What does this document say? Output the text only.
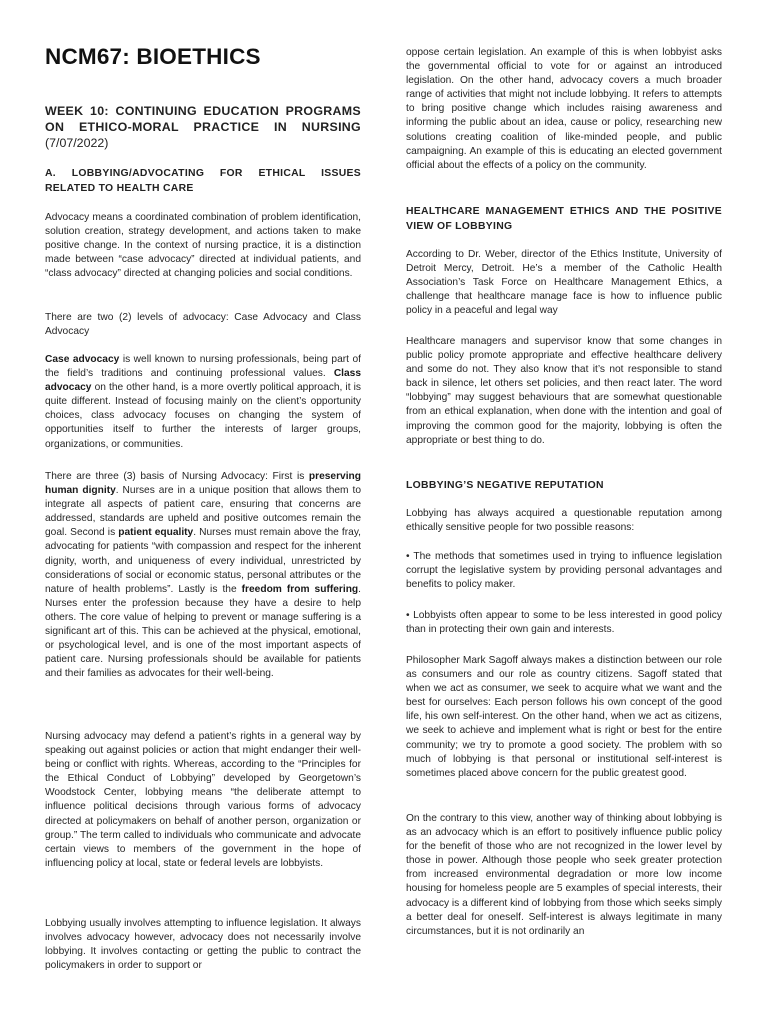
NCM67: BIOETHICS

WEEK 10: CONTINUING EDUCATION PROGRAMS ON ETHICO-MORAL PRACTICE IN NURSING (7/07/2022)

A. LOBBYING/ADVOCATING FOR ETHICAL ISSUES RELATED TO HEALTH CARE

Advocacy means a coordinated combination of problem identification, solution creation, strategy development, and actions taken to make positive change. In the context of nursing practice, it is a distinction made between “case advocacy” directed at individual patients, and “class advocacy” directed at changing policies and social conditions.

There are two (2) levels of advocacy: Case Advocacy and Class Advocacy

Case advocacy is well known to nursing professionals, being part of the field’s traditions and continuing professional values. Class advocacy on the other hand, is a more overtly political approach, it is quite different. Instead of focusing mainly on the client’s opportunity choices, class advocacy focuses on changing the system of opportunities itself to further the interests of larger groups, organizations, or communities.

There are three (3) basis of Nursing Advocacy: First is preserving human dignity. Nurses are in a unique position that allows them to integrate all aspects of patient care, ensuring that concerns are addressed, standards are upheld and positive outcomes remain the goal. Second is patient equality. Nurses must remain above the fray, advocating for patients “with compassion and respect for the inherent dignity, worth, and uniqueness of every individual, unrestricted by considerations of social or economic status, personal attributes or the nature of health problems”. Lastly is the freedom from suffering. Nurses enter the profession because they have a desire to help others. The core value of helping to prevent or manage suffering is a significant art of this. This can be achieved at the physical, emotional, or psychological level, and is one of the most important aspects of patient care. Nursing professionals should be available for patients and their families as advocates for their well-being.

Nursing advocacy may defend a patient’s rights in a general way by speaking out against policies or action that might endanger their well-being or conflict with rights. Whereas, according to the “Principles for the Ethical Conduct of Lobbying” developed by Georgetown’s Woodstock Center, lobbying means “the deliberate attempt to influence political decisions through various forms of advocacy directed at policymakers on behalf of another person, organization or group.” The term called to individuals who communicate and advocate certain views to members of the government in the hope of influencing policy at local, state or federal levels are lobbyists.

Lobbying usually involves attempting to influence legislation. It always involves advocacy however, advocacy does not necessarily involve lobbying. It involves contacting or getting the public to contract the policymakers in order to support or

oppose certain legislation. An example of this is when lobbyist asks the governmental official to vote for or against an introduced legislation. On the other hand, advocacy covers a much broader range of activities that might not include lobbying. It refers to attempts to bring positive change which includes raising awareness and informing the public about an idea, cause or policy, researching new solutions creating coalition of like-minded people, and public campaigning. An example of this is educating an elected government official about the effects of a policy on the community.

HEALTHCARE MANAGEMENT ETHICS AND THE POSITIVE VIEW OF LOBBYING

According to Dr. Weber, director of the Ethics Institute, University of Detroit Mercy, Detroit. He’s a member of the Catholic Health Association’s Task Force on Healthcare Management Ethics, a challenge that healthcare manage face is how to influence public policy in a peaceful and legal way

Healthcare managers and supervisor know that some changes in public policy promote appropriate and effective healthcare delivery and some do not. They also know that it’s not responsible to stand back in silence, let others set policies, and then react later. The word “lobbying” may suggest behaviours that are somewhat questionable from an ethical explanation, when done with the intention and goal of improving the common good for the majority, lobbying is often the appropriate or best thing to do.

LOBBYING’S NEGATIVE REPUTATION

Lobbying has always acquired a questionable reputation among ethically sensitive people for two possible reasons:

• The methods that sometimes used in trying to influence legislation corrupt the legislative system by providing personal advantages and benefits to policy maker.

• Lobbyists often appear to some to be less interested in good policy than in protecting their own gain and interests.

Philosopher Mark Sagoff always makes a distinction between our role as consumers and our role as country citizens. Sagoff stated that when we act as consumer, we seek to acquire what we want and the best for ourselves: Each person follows his own concept of the good life, his own self-interest. On the other hand, when we act as citizens, we seek to achieve and implement what is right or best for the entire community; we try to promote a good society. The problem with so much of lobbying is that personal or institutional self-interest is sometimes placed above concern for the public greatest good.

On the contrary to this view, another way of thinking about lobbying is as an advocacy which is an effort to positively influence public policy for the benefit of those who are not recognized in the lower level by those in power. Although those people who seek greater protection from increased environmental degradation or more low income housing for homeless people are 5 examples of special interests, their advocacy is a different kind of lobbying from those which seeks simply a better deal for oneself. Self-interest is always legitimate in many circumstances, but it is not ordinarily an
